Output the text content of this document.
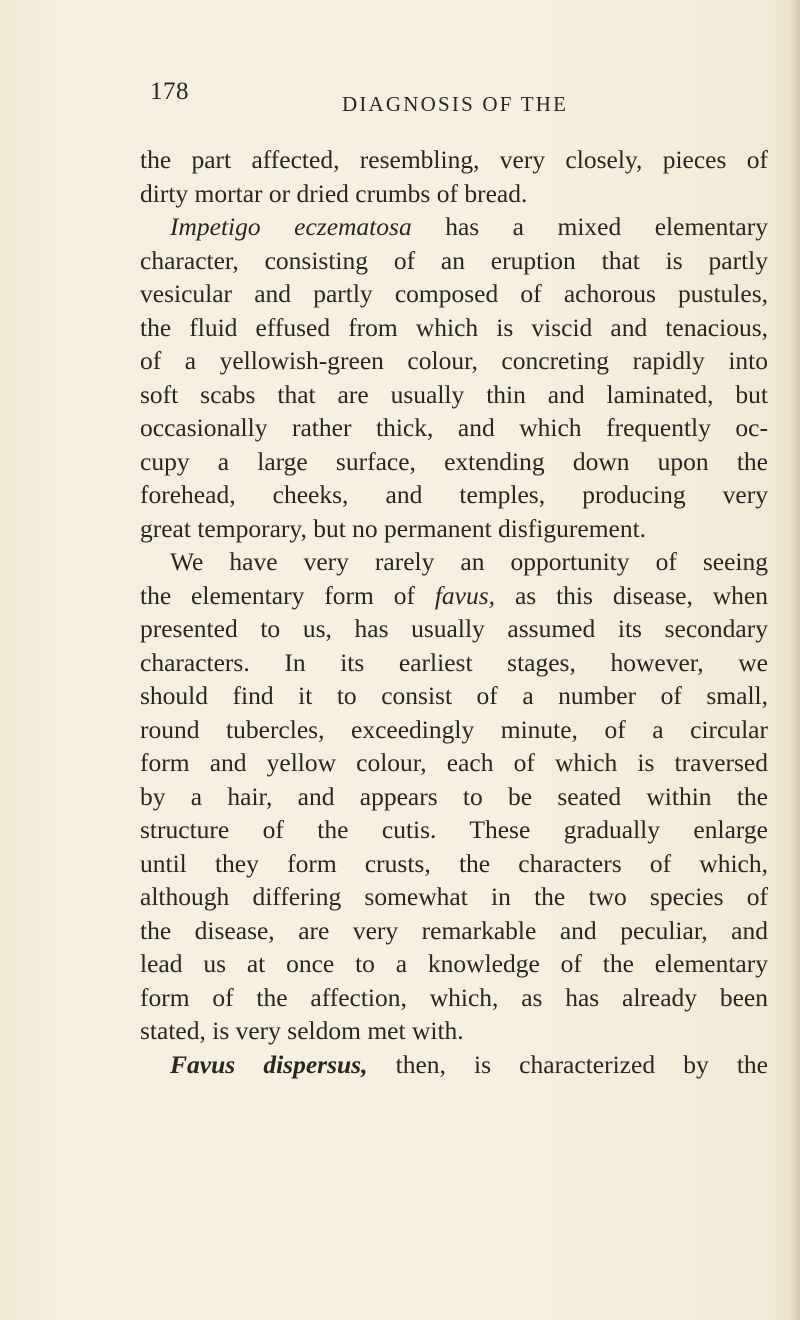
178	DIAGNOSIS OF THE
the part affected, resembling, very closely, pieces of
dirty mortar or dried crumbs of bread.
Impetigo eczematosa has a mixed elementary
character, consisting of an eruption that is partly
vesicular and partly composed of achorous pustules,
the fluid effused from which is viscid and tenacious,
of a yellowish-green colour, concreting rapidly into
soft scabs that are usually thin and laminated, but
occasionally rather thick, and which frequently oc-
cupy a large surface, extending down upon the
forehead, cheeks, and temples, producing very
great temporary, but no permanent disfigurement.
We have very rarely an opportunity of seeing
the elementary form of favus, as this disease, when
presented to us, has usually assumed its secondary
characters. In its earliest stages, however, we
should find it to consist of a number of small,
round tubercles, exceedingly minute, of a circular
form and yellow colour, each of which is traversed
by a hair, and appears to be seated within the
structure of the cutis. These gradually enlarge
until they form crusts, the characters of which,
although differing somewhat in the two species of
the disease, are very remarkable and peculiar, and
lead us at once to a knowledge of the elementary
form of the affection, which, as has already been
stated, is very seldom met with.
Favus dispersus, then, is characterized by the
